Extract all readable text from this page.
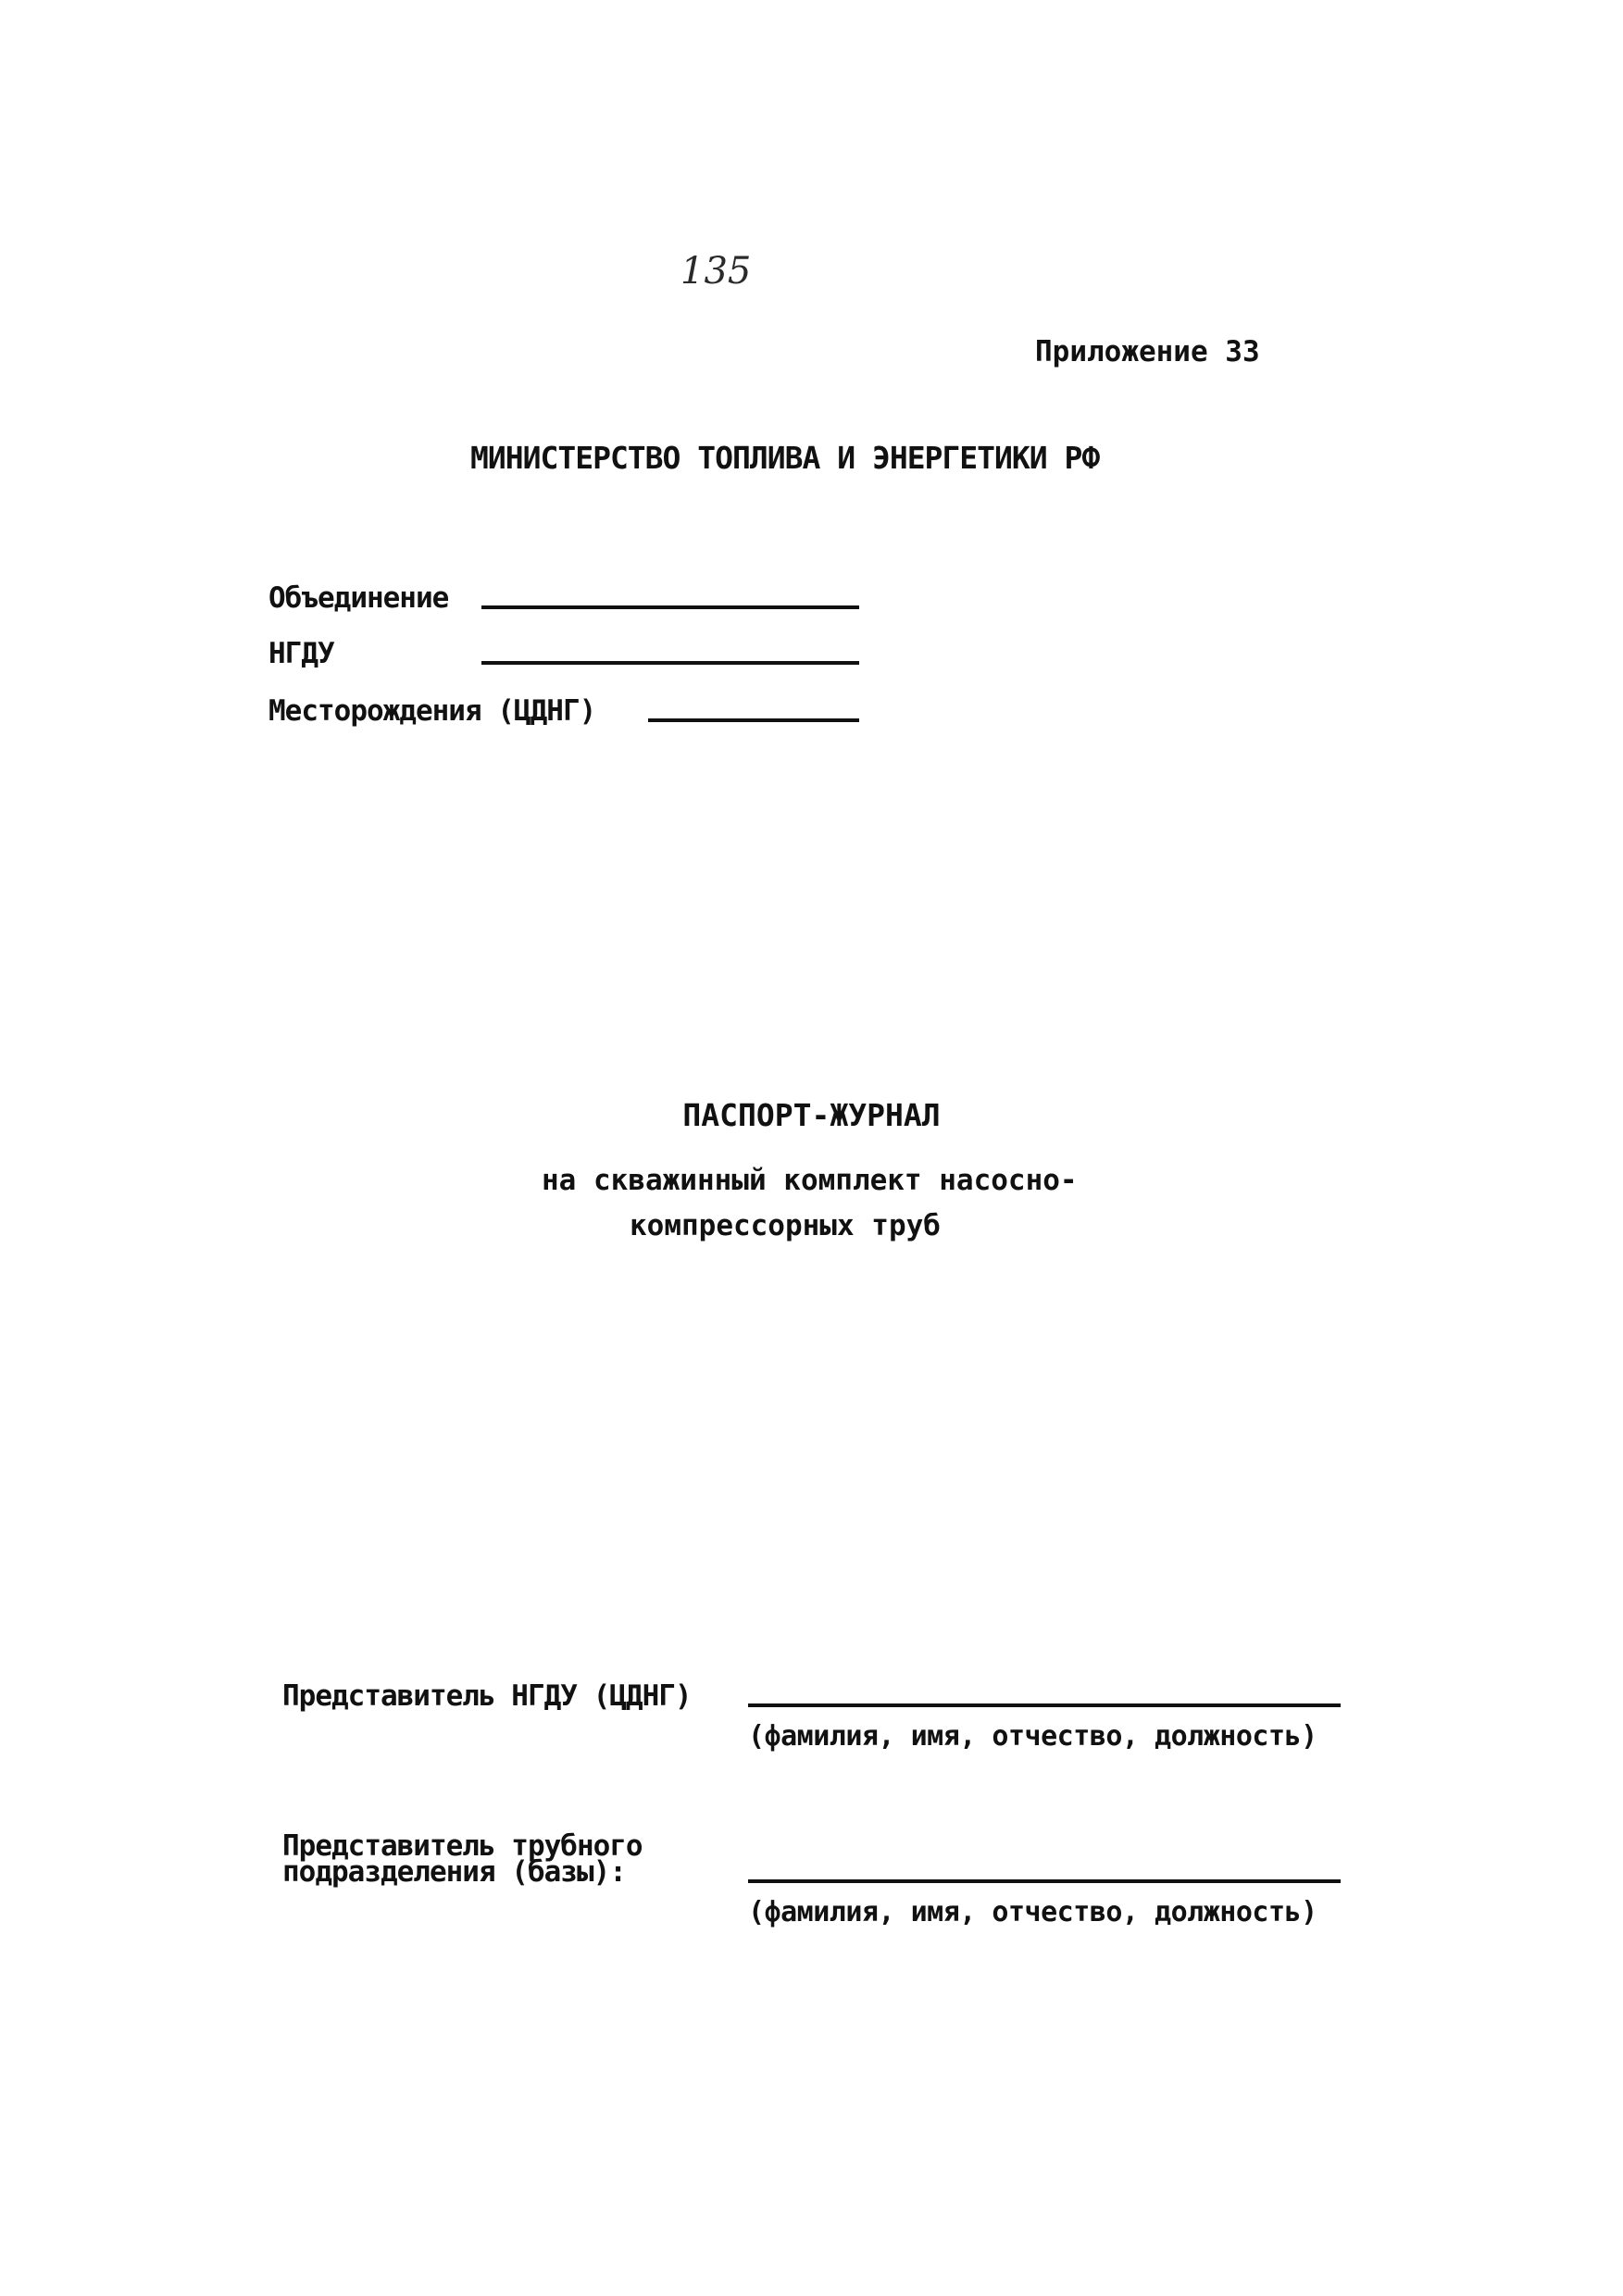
135
Приложение 33
МИНИСТЕРСТВО ТОПЛИВА И ЭНЕРГЕТИКИ РФ
Объединение
НГДУ
Месторождения (ЦДНГ)
ПАСПОРТ-ЖУРНАЛ
на скважинный комплект насосно-
компрессорных труб
Представитель НГДУ (ЦДНГ)
(фамилия, имя, отчество, должность)
Представитель трубного
подразделения (базы):
(фамилия, имя, отчество, должность)
